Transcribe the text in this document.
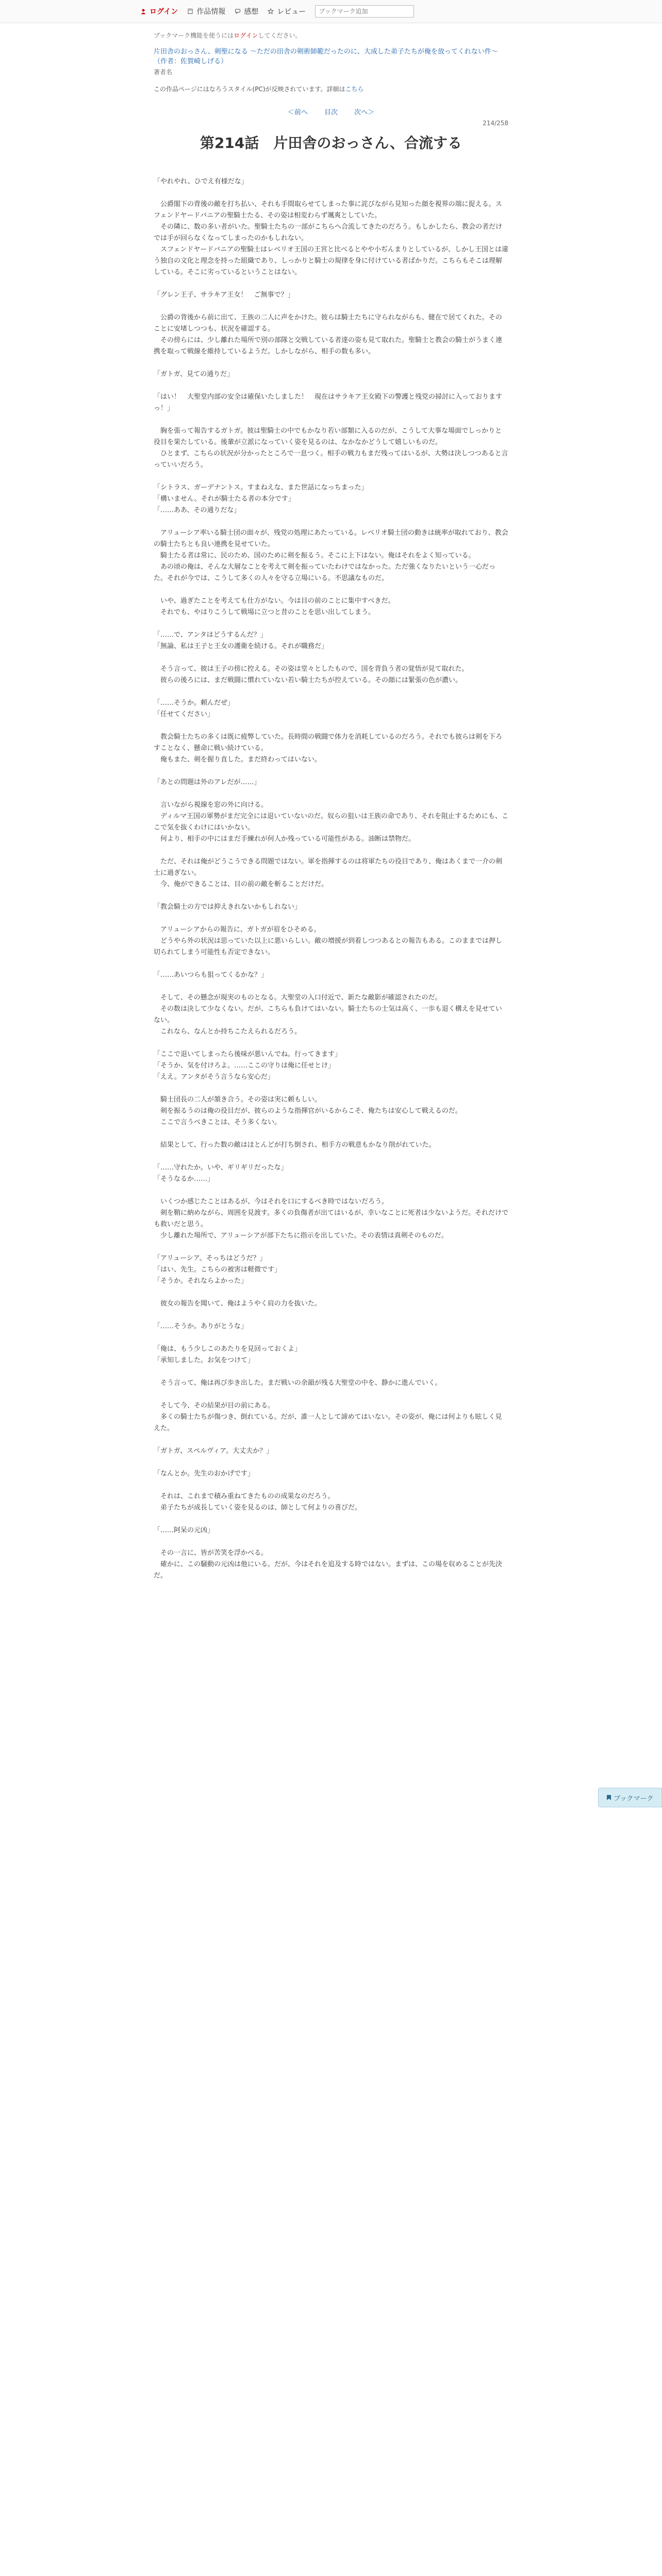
ログイン	作品情報	感想	レビュー
ブックマーク追加
ブックマーク機能を使うにはログインしてください。
片田舎のおっさん、剣聖になる ～ただの田舎の剣術師範だったのに、大成した弟子たちが俺を放ってくれない件～（作者：佐賀崎しげる）
著者名
この作品ページにはなろうスタイル(PC)が反映されています。詳細はこちら
＜前へ 目次 次へ＞
214/258
第214話　片田舎のおっさん、合流する

「やれやれ、ひでえ有様だな」

　公爵閣下の背後の敵を打ち払い、それも手間取らせてしまった事に詫びながら見知った顔を視界の端に捉える。スフェンドヤードバニアの聖騎士たる、その姿は相変わらず颯爽としていた。
　その隣に、数の多い者がいた。聖騎士たちの一部がこちらへ合流してきたのだろう。もしかしたら、教会の者だけでは手が回らなくなってしまったのかもしれない。
　スフェンドヤードバニアの聖騎士はレベリオ王国の王宮と比べるとやや小ぢんまりとしているが、しかし王国とは違う独自の文化と理念を持った組織であり、しっかりと騎士の規律を身に付けている者ばかりだ。こちらもそこは理解している。そこに劣っているということはない。

「グレン王子、サラキア王女！　ご無事で？」

　公爵の背後から前に出て、王族の二人に声をかけた。彼らは騎士たちに守られながらも、健在で居てくれた。そのことに安堵しつつも、状況を確認する。
　その傍らには、少し離れた場所で別の部隊と交戦している者達の姿も見て取れた。聖騎士と教会の騎士がうまく連携を取って戦線を維持しているようだ。しかしながら、相手の数も多い。

「ガトガ、見ての通りだ」

「はい！　大聖堂内部の安全は確保いたしました！　現在はサラキア王女殿下の警護と残党の掃討に入っておりますっ！」

　胸を張って報告するガトガ。彼は聖騎士の中でもかなり若い部類に入るのだが、こうして大事な場面でしっかりと役目を果たしている。後輩が立派になっていく姿を見るのは、なかなかどうして嬉しいものだ。
　ひとまず、こちらの状況が分かったところで一息つく。相手の戦力もまだ残ってはいるが、大勢は決しつつあると言っていいだろう。

「シトラス、ガーデナントス。すまねえな、また世話になっちまった」
「構いません。それが騎士たる者の本分です」
「……ああ、その通りだな」

　アリューシア率いる騎士団の面々が、残党の処理にあたっている。レベリオ騎士団の動きは統率が取れており、教会の騎士たちとも良い連携を見せていた。
　騎士たる者は常に、民のため、国のために剣を振るう。そこに上下はない。俺はそれをよく知っている。
　あの頃の俺は、そんな大層なことを考えて剣を振っていたわけではなかった。ただ強くなりたいという一心だった。それが今では、こうして多くの人々を守る立場にいる。不思議なものだ。

　いや、過ぎたことを考えても仕方がない。今は目の前のことに集中すべきだ。
　それでも、やはりこうして戦場に立つと昔のことを思い出してしまう。

「……で、アンタはどうするんだ？」
「無論、私は王子と王女の護衛を続ける。それが職務だ」

　そう言って、彼は王子の傍に控える。その姿は堂々としたもので、国を背負う者の覚悟が見て取れた。
　彼らの後ろには、まだ戦闘に慣れていない若い騎士たちが控えている。その顔には緊張の色が濃い。

「……そうか。頼んだぜ」
「任せてください」

　教会騎士たちの多くは既に疲弊していた。長時間の戦闘で体力を消耗しているのだろう。それでも彼らは剣を下ろすことなく、懸命に戦い続けている。
　俺もまた、剣を握り直した。まだ終わってはいない。

「あとの問題は外のアレだが……」

　言いながら視線を窓の外に向ける。
　ディルマ王国の軍勢がまだ完全には退いていないのだ。奴らの狙いは王族の命であり、それを阻止するためにも、ここで気を抜くわけにはいかない。
　何より、相手の中にはまだ手練れが何人か残っている可能性がある。油断は禁物だ。

　ただ、それは俺がどうこうできる問題ではない。軍を指揮するのは将軍たちの役目であり、俺はあくまで一介の剣士に過ぎない。
　今、俺ができることは、目の前の敵を斬ることだけだ。

「教会騎士の方では抑えきれないかもしれない」

　アリューシアからの報告に、ガトガが眉をひそめる。
　どうやら外の状況は思っていた以上に悪いらしい。敵の増援が到着しつつあるとの報告もある。このままでは押し切られてしまう可能性も否定できない。

「……あいつらも狙ってくるかな？」

　そして、その懸念が現実のものとなる。大聖堂の入口付近で、新たな敵影が確認されたのだ。
　その数は決して少なくない。だが、こちらも負けてはいない。騎士たちの士気は高く、一歩も退く構えを見せていない。
　これなら、なんとか持ちこたえられるだろう。

「ここで退いてしまったら後味が悪いんでね。行ってきます」
「そうか、気を付けろよ。……ここの守りは俺に任せとけ」
「ええ。アンタがそう言うなら安心だ」

　騎士団長の二人が頷き合う。その姿は実に頼もしい。
　剣を振るうのは俺の役目だが、彼らのような指揮官がいるからこそ、俺たちは安心して戦えるのだ。
　ここで言うべきことは、そう多くない。

　結果として、行った数の敵はほとんどが打ち倒され、相手方の戦意もかなり削がれていた。

「……守れたか。いや、ギリギリだったな」
「そうなるか……」

　いくつか感じたことはあるが、今はそれを口にするべき時ではないだろう。
　剣を鞘に納めながら、周囲を見渡す。多くの負傷者が出てはいるが、幸いなことに死者は少ないようだ。それだけでも救いだと思う。
　少し離れた場所で、アリューシアが部下たちに指示を出していた。その表情は真剣そのものだ。

「アリューシア。そっちはどうだ？」
「はい、先生。こちらの被害は軽微です」
「そうか。それならよかった」

　彼女の報告を聞いて、俺はようやく肩の力を抜いた。

「……そうか。ありがとうな」

「俺は、もう少しこのあたりを見回っておくよ」
「承知しました。お気をつけて」

　そう言って、俺は再び歩き出した。まだ戦いの余韻が残る大聖堂の中を、静かに進んでいく。

　そして今、その結果が目の前にある。
　多くの騎士たちが傷つき、倒れている。だが、誰一人として諦めてはいない。その姿が、俺には何よりも眩しく見えた。

「ガトガ、スペルヴィア。大丈夫か？」

「なんとか。先生のおかげです」

　それは、これまで積み重ねてきたものの成果なのだろう。
　弟子たちが成長していく姿を見るのは、師として何よりの喜びだ。

「……阿呆の元凶」

　その一言に、皆が苦笑を浮かべる。
　確かに、この騒動の元凶は他にいる。だが、今はそれを追及する時ではない。まずは、この場を収めることが先決だ。

ブックマーク
